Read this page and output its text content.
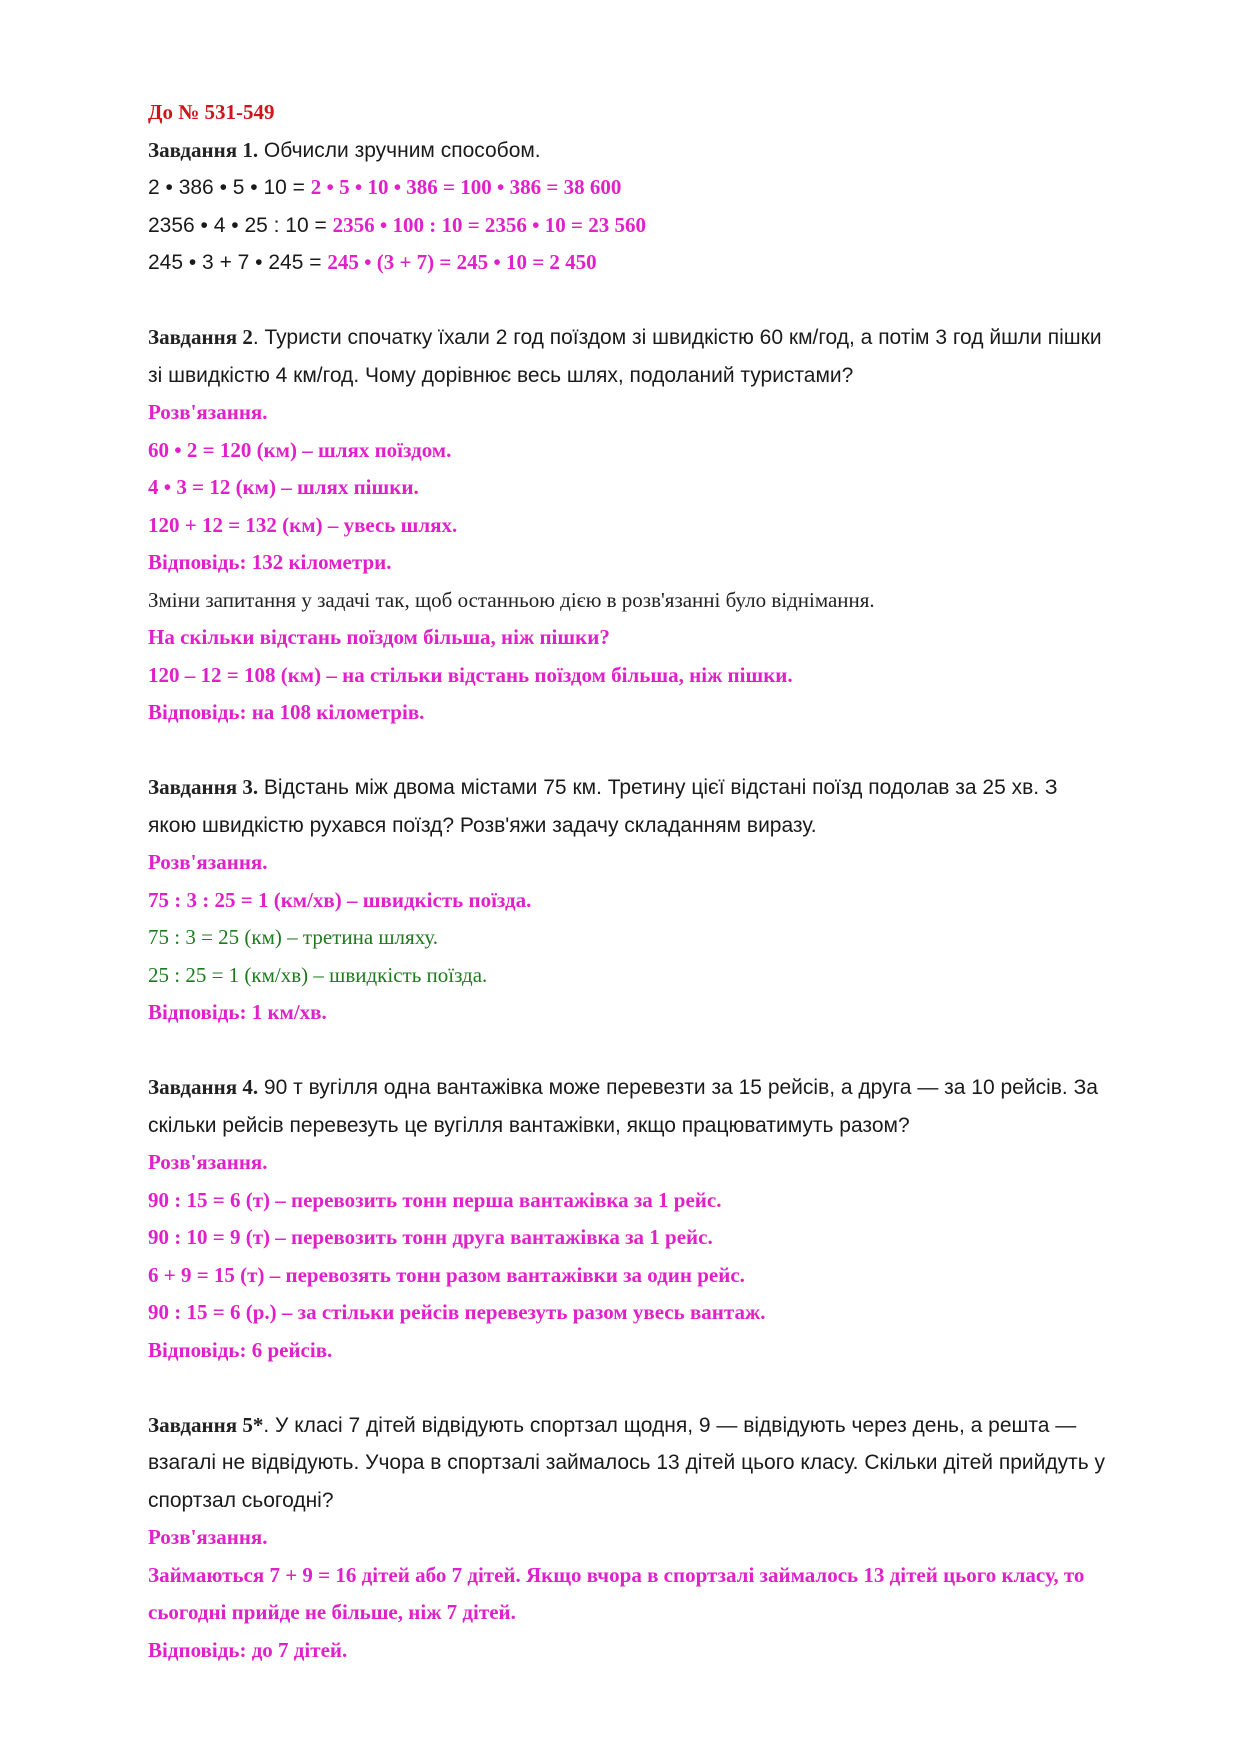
До № 531-549
Завдання 1. Обчисли зручним способом.
2 • 386 • 5 • 10 = 2 • 5 • 10 • 386 = 100 • 386 = 38 600
2356 • 4 • 25 : 10 = 2356 • 100 : 10 = 2356 • 10 = 23 560
245 • 3 + 7 • 245 = 245 • (3 + 7) = 245 • 10 = 2 450
Завдання 2. Туристи спочатку їхали 2 год поїздом зі швидкістю 60 км/год, а потім 3 год йшли пішки
зі швидкістю 4 км/год. Чому дорівнює весь шлях, подоланий туристами?
Розв'язання.
60 • 2 = 120 (км) – шлях поїздом.
4 • 3 = 12 (км) – шлях пішки.
120 + 12 = 132 (км) – увесь шлях.
Відповідь: 132 кілометри.
Зміни запитання у задачі так, щоб останньою дією в розв'язанні було віднімання.
На скільки відстань поїздом більша, ніж пішки?
120 – 12 = 108 (км) – на стільки відстань поїздом більша, ніж пішки.
Відповідь: на 108 кілометрів.
Завдання 3. Відстань між двома містами 75 км. Третину цієї відстані поїзд подолав за 25 хв. З
якою швидкістю рухався поїзд? Розв'яжи задачу складанням виразу.
Розв'язання.
75 : 3 : 25 = 1 (км/хв) – швидкість поїзда.
75 : 3 = 25 (км) – третина шляху.
25 : 25 = 1 (км/хв) – швидкість поїзда.
Відповідь: 1 км/хв.
Завдання 4. 90 т вугілля одна вантажівка може перевезти за 15 рейсів, а друга — за 10 рейсів. За
скільки рейсів перевезуть це вугілля вантажівки, якщо працюватимуть разом?
Розв'язання.
90 : 15 = 6 (т) – перевозить тонн перша вантажівка за 1 рейс.
90 : 10 = 9 (т) – перевозить тонн друга вантажівка за 1 рейс.
6 + 9 = 15 (т) – перевозять тонн разом вантажівки за один рейс.
90 : 15 = 6 (р.) – за стільки рейсів перевезуть разом увесь вантаж.
Відповідь: 6 рейсів.
Завдання 5*. У класі 7 дітей відвідують спортзал щодня, 9 — відвідують через день, а решта —
взагалі не відвідують. Учора в спортзалі займалось 13 дітей цього класу. Скільки дітей прийдуть у
спортзал сьогодні?
Розв'язання.
Займаються 7 + 9 = 16 дітей або 7 дітей. Якщо вчора в спортзалі займалось 13 дітей цього класу, то
сьогодні прийде не більше, ніж 7 дітей.
Відповідь: до 7 дітей.
